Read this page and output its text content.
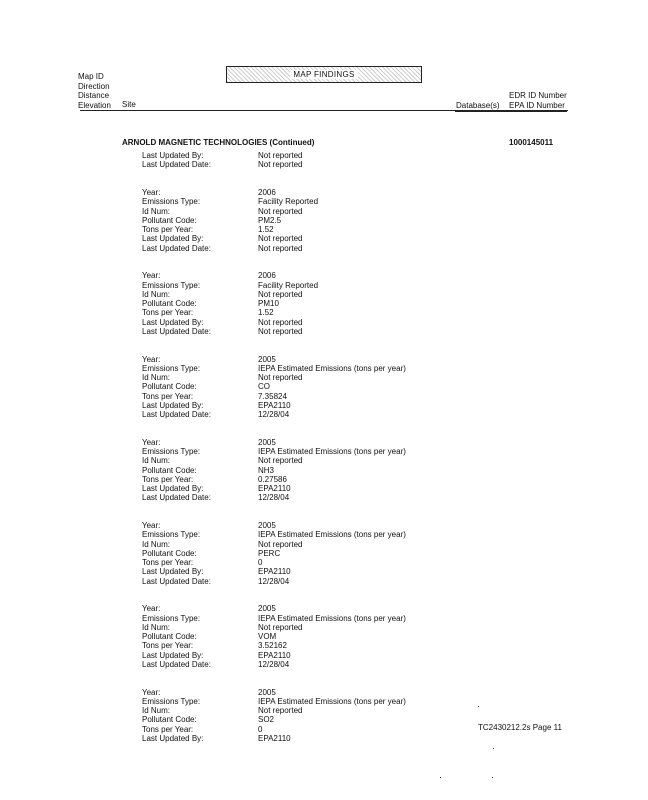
Map ID
Direction
Distance
Elevation Site
MAP FINDINGS
Database(s)
EDR ID Number
EPA ID Number
ARNOLD MAGNETIC TECHNOLOGIES (Continued)	1000145011
Last Updated By:	Not reported
Last Updated Date:	Not reported
Year:	2006
Emissions Type:	Facility Reported
Id Num:	Not reported
Pollutant Code:	PM2.5
Tons per Year:	1.52
Last Updated By:	Not reported
Last Updated Date:	Not reported
Year:	2006
Emissions Type:	Facility Reported
Id Num:	Not reported
Pollutant Code:	PM10
Tons per Year:	1.52
Last Updated By:	Not reported
Last Updated Date:	Not reported
Year:	2005
Emissions Type:	IEPA Estimated Emissions (tons per year)
Id Num:	Not reported
Pollutant Code:	CO
Tons per Year:	7.35824
Last Updated By:	EPA2110
Last Updated Date:	12/28/04
Year:	2005
Emissions Type:	IEPA Estimated Emissions (tons per year)
Id Num:	Not reported
Pollutant Code:	NH3
Tons per Year:	0.27586
Last Updated By:	EPA2110
Last Updated Date:	12/28/04
Year:	2005
Emissions Type:	IEPA Estimated Emissions (tons per year)
Id Num:	Not reported
Pollutant Code:	PERC
Tons per Year:	0
Last Updated By:	EPA2110
Last Updated Date:	12/28/04
Year:	2005
Emissions Type:	IEPA Estimated Emissions (tons per year)
Id Num:	Not reported
Pollutant Code:	VOM
Tons per Year:	3.52162
Last Updated By:	EPA2110
Last Updated Date:	12/28/04
Year:	2005
Emissions Type:	IEPA Estimated Emissions (tons per year)
Id Num:	Not reported
Pollutant Code:	SO2
Tons per Year:	0
Last Updated By:	EPA2110
TC2430212.2s Page 11
